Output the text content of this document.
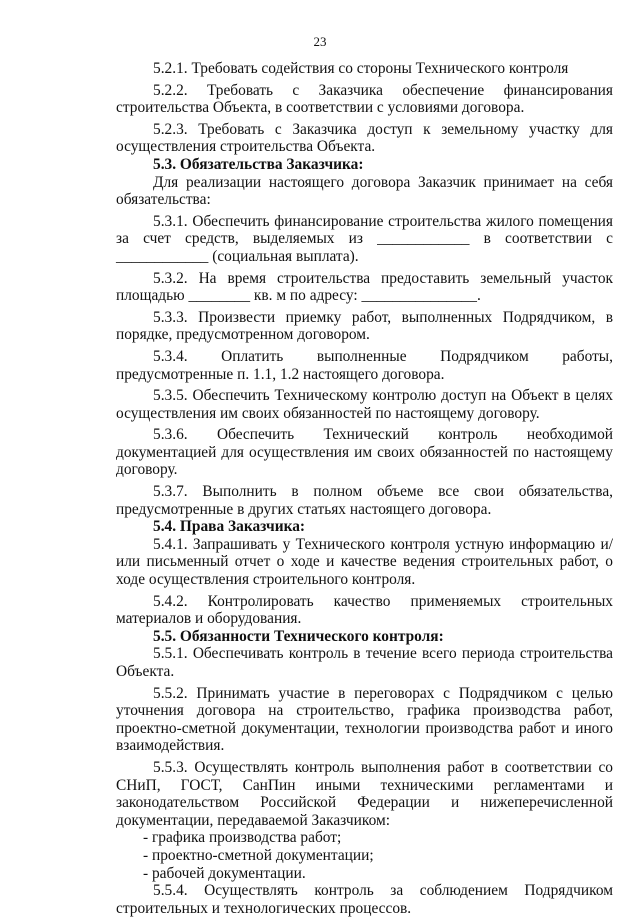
23

5.2.1. Требовать содействия со стороны Технического контроля

5.2.2. Требовать с Заказчика обеспечение финансирования строительства Объекта, в соответствии с условиями договора.

5.2.3. Требовать с Заказчика доступ к земельному участку для осуществления строительства Объекта.

5.3. Обязательства Заказчика:

Для реализации настоящего договора Заказчик принимает на себя обязательства:

5.3.1. Обеспечить финансирование строительства жилого помещения за счет средств, выделяемых из ____________ в соответствии с ____________ (социальная выплата).

5.3.2. На время строительства предоставить земельный участок площадью ________ кв. м по адресу: _______________.

5.3.3. Произвести приемку работ, выполненных Подрядчиком, в порядке, предусмотренном договором.

5.3.4. Оплатить выполненные Подрядчиком работы, предусмотренные п. 1.1, 1.2 настоящего договора.

5.3.5. Обеспечить Техническому контролю доступ на Объект в целях осуществления им своих обязанностей по настоящему договору.

5.3.6. Обеспечить Технический контроль необходимой документацией для осуществления им своих обязанностей по настоящему договору.

5.3.7. Выполнить в полном объеме все свои обязательства, предусмотренные в других статьях настоящего договора.

5.4. Права Заказчика:

5.4.1. Запрашивать у Технического контроля устную информацию и/или письменный отчет о ходе и качестве ведения строительных работ, о ходе осуществления строительного контроля.

5.4.2. Контролировать качество применяемых строительных материалов и оборудования.

5.5. Обязанности Технического контроля:

5.5.1. Обеспечивать контроль в течение всего периода строительства Объекта.

5.5.2. Принимать участие в переговорах с Подрядчиком с целью уточнения договора на строительство, графика производства работ, проектно-сметной документации, технологии производства работ и иного взаимодействия.

5.5.3. Осуществлять контроль выполнения работ в соответствии со СНиП, ГОСТ, СанПин иными техническими регламентами и законодательством Российской Федерации и нижеперечисленной документации, передаваемой Заказчиком:

- графика производства работ;

- проектно-сметной документации;

- рабочей документации.

5.5.4. Осуществлять контроль за соблюдением Подрядчиком строительных и технологических процессов.
